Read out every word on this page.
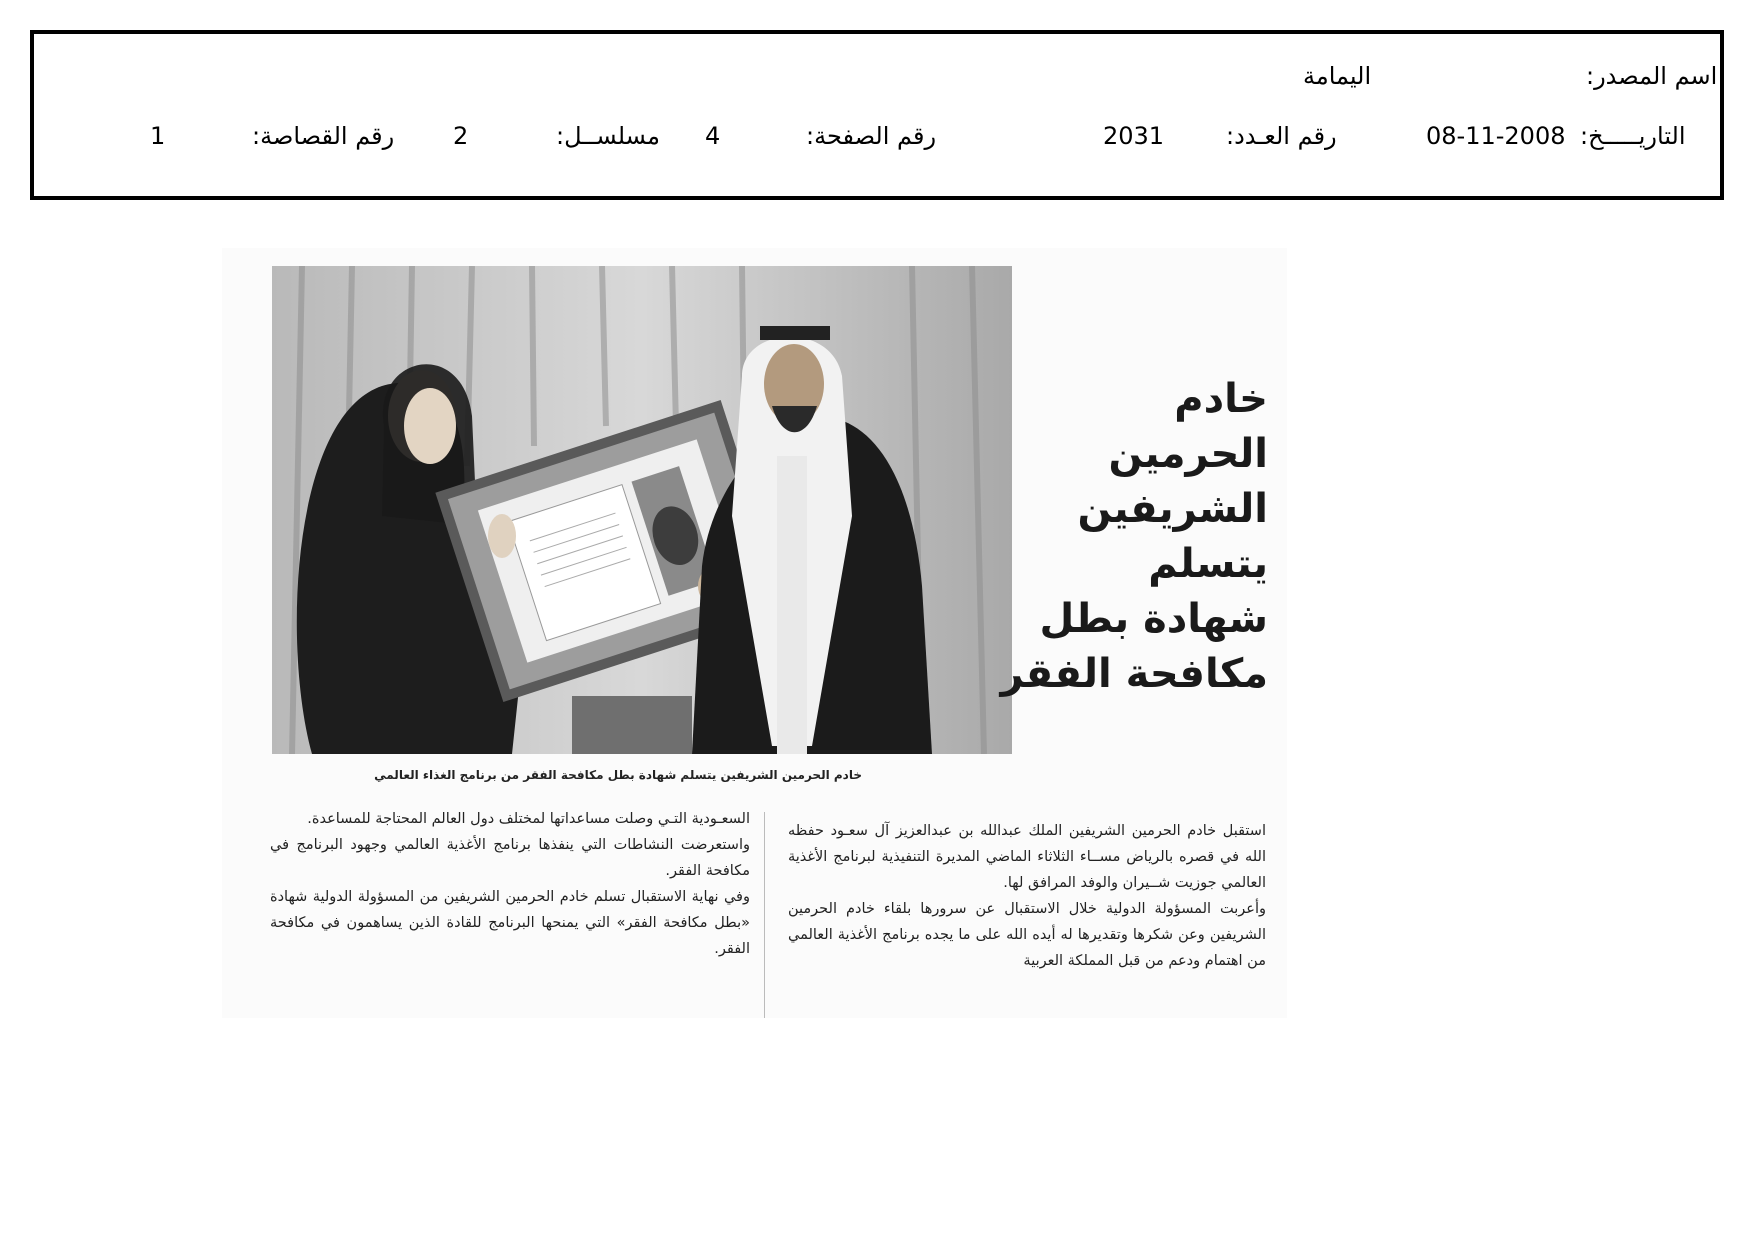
اسم المصدر:
اليمامة
التاريـــــخ:
08-11-2008
رقم العـدد:
2031
رقم الصفحة:
4
مسلســل:
2
رقم القصاصة:
1
خادم
الحرمين
الشريفين
يتسلم
شهادة بطل
مكافحة الفقر
خادم الحرمين الشريفين يتسلم شهادة بطل مكافحة الفقر من برنامج الغذاء العالمي

استقبل خادم الحرمين الشريفين الملك عبدالله بن عبدالعزيز آل سعـود حفظه الله في قصره بالرياض مســاء الثلاثاء الماضي المديرة التنفيذية لبرنامج الأغذية العالمي جوزيت شــيران والوفد المرافق لها.

وأعربت المسؤولة الدولية خلال الاستقبال عن سرورها بلقاء خادم الحرمين الشريفين وعن شكرها وتقديرها له أيده الله على ما يجده برنامج الأغذية العالمي من اهتمام ودعم من قبل المملكة العربية

السعـودية التـي وصلت مساعداتها لمختلف دول العالم المحتاجة للمساعدة.

واستعرضت النشاطات التي ينفذها برنامج الأغذية العالمي وجهود البرنامج في مكافحة الفقر.

وفي نهاية الاستقبال تسلم خادم الحرمين الشريفين من المسؤولة الدولية شهادة «بطل مكافحة الفقر» التي يمنحها البرنامج للقادة الذين يساهمون في مكافحة الفقر.
